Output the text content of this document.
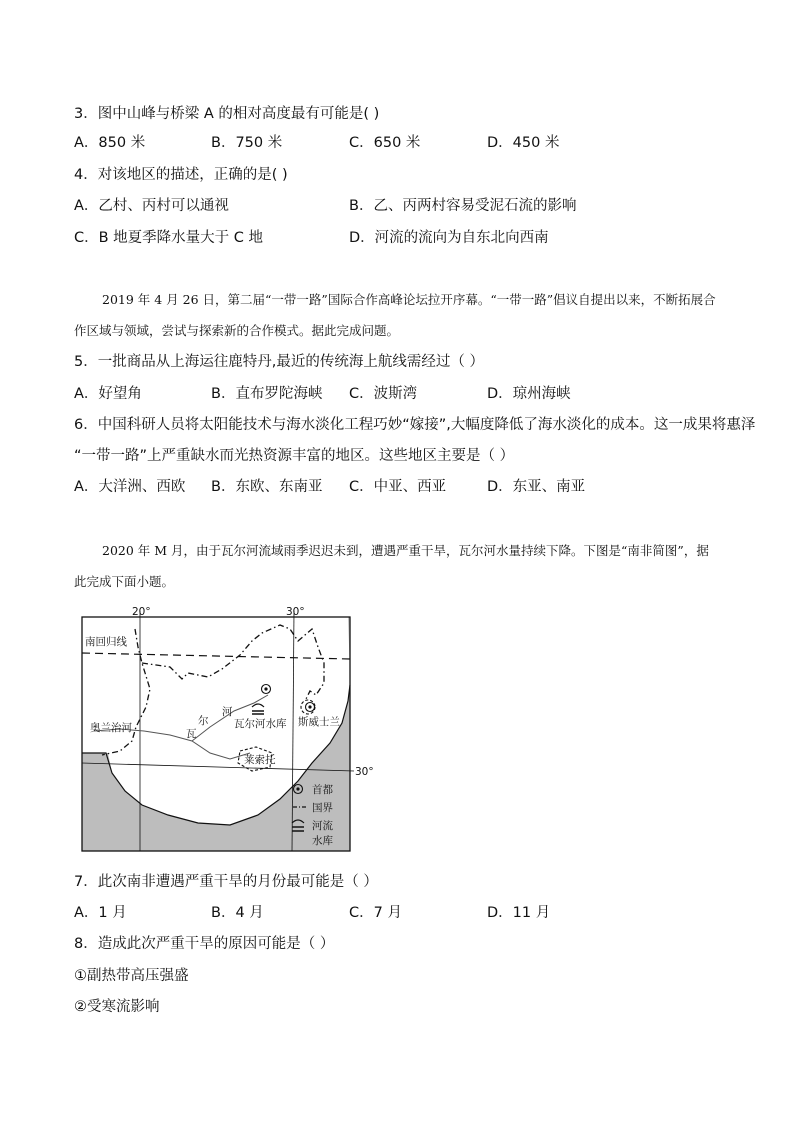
3．图中山峰与桥梁 A 的相对高度最有可能是( )
A．850 米	B．750 米	C．650 米	D．450 米
4．对该地区的描述，正确的是( )
A．乙村、丙村可以通视	B．乙、丙两村容易受泥石流的影响
C．B 地夏季降水量大于 C 地	D．河流的流向为自东北向西南
2019 年 4 月 26 日，第二届“一带一路”国际合作高峰论坛拉开序幕。“一带一路”倡议自提出以来，不断拓展合作区域与领域，尝试与探索新的合作模式。据此完成问题。
5．一批商品从上海运往鹿特丹,最近的传统海上航线需经过（ ）
A．好望角	B．直布罗陀海峡 C．波斯湾	D．琼州海峡
6．中国科研人员将太阳能技术与海水淡化工程巧妙“嫁接”,大幅度降低了海水淡化的成本。这一成果将惠泽
“一带一路”上严重缺水而光热资源丰富的地区。这些地区主要是（ ）
A．大洋洲、西欧 B．东欧、东南亚 C．中亚、西亚	D．东亚、南亚
2020 年 M 月，由于瓦尔河流域雨季迟迟未到，遭遇严重干旱，瓦尔河水量持续下降。下图是“南非简图”，据此完成下面小题。
20°	30°
30°
南回归线
奥兰治河	瓦
尔
河
瓦尔河水库 斯威士兰
莱索托
首都
国界
河流
水库
7．此次南非遭遇严重干旱的月份最可能是（ ）
A．1 月	B．4 月	C．7 月	D．11 月
8．造成此次严重干旱的原因可能是（ ）
①副热带高压强盛
②受寒流影响
